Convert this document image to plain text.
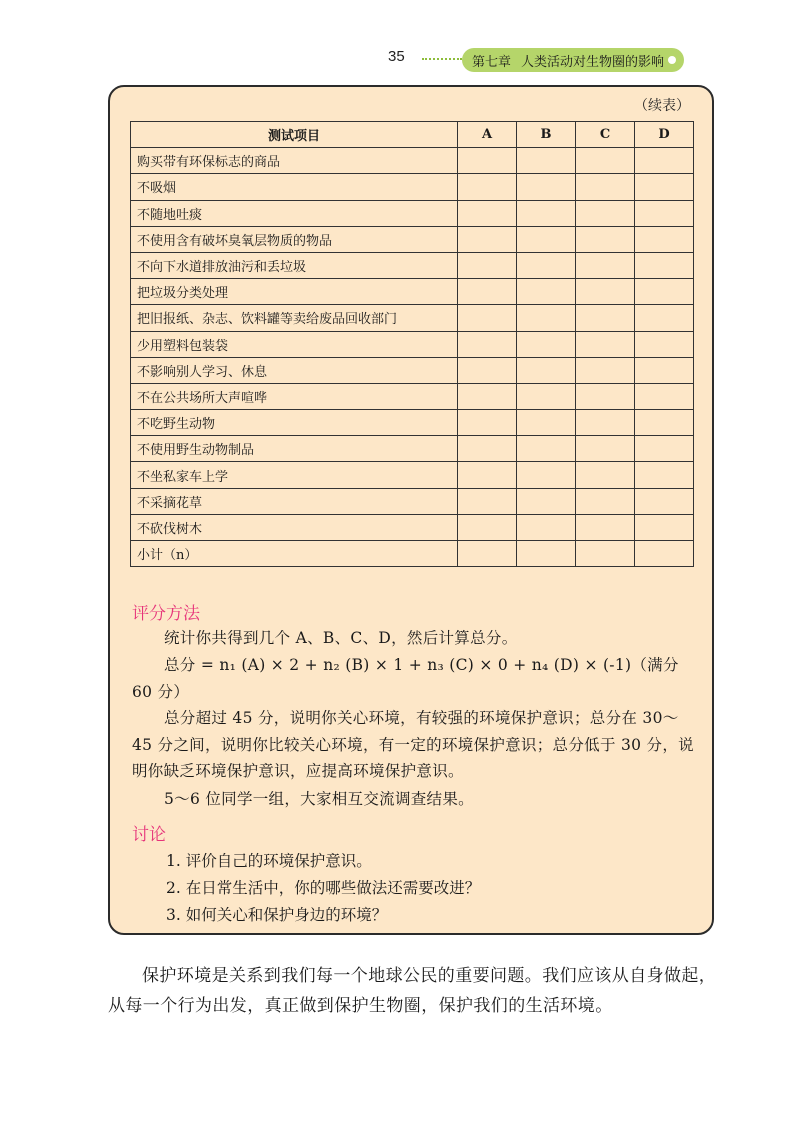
35	第七章 人类活动对生物圈的影响
（续表）
测试项目	A	B	C	D
购买带有环保标志的商品				
不吸烟				
不随地吐痰				
不使用含有破坏臭氧层物质的物品				
不向下水道排放油污和丢垃圾				
把垃圾分类处理				
把旧报纸、杂志、饮料罐等卖给废品回收部门				
少用塑料包装袋				
不影响别人学习、休息				
不在公共场所大声喧哗				
不吃野生动物				
不使用野生动物制品				
不坐私家车上学				
不采摘花草				
不砍伐树木				
小计（n）				
评分方法
统计你共得到几个 A、B、C、D，然后计算总分。
总分 = n₁ (A) × 2 + n₂ (B) × 1 + n₃ (C) × 0 + n₄ (D) × (-1)（满分 60 分）
总分超过 45 分，说明你关心环境，有较强的环境保护意识；总分在 30～45 分之间，说明你比较关心环境，有一定的环境保护意识；总分低于 30 分，说明你缺乏环境保护意识，应提高环境保护意识。
5～6 位同学一组，大家相互交流调查结果。
讨论
1. 评价自己的环境保护意识。
2. 在日常生活中，你的哪些做法还需要改进？
3. 如何关心和保护身边的环境？
保护环境是关系到我们每一个地球公民的重要问题。我们应该从自身做起，从每一个行为出发，真正做到保护生物圈，保护我们的生活环境。
